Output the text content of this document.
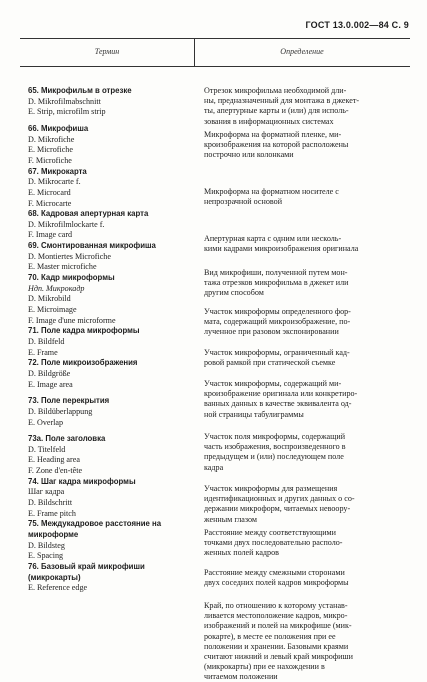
ГОСТ 13.0.002—84 С. 9
Термин	Определение
65. Микрофильм в отрезке
D. Mikrofilmabschnitt
E. Strip, microfilm strip
66. Микрофиша
D. Mikrofiche
E. Microfiche
F. Microfiche
67. Микрокарта
D. Mikrocarte f.
E. Microcard
F. Microcarte
68. Кадровая апертурная карта
D. Mikrofilmlockarte f.
F. Image card
69. Смонтированная микрофиша
D. Montiertes Microfiche
E. Master microfiche
70. Кадр микроформы
Ндп. Микрокадр
D. Mikrobild
E. Microimage
F. Image d'une microforme
71. Поле кадра микроформы
D. Bildfeld
E. Frame
72. Поле микроизображения
D. Bildgröße
E. Image area
73. Поле перекрытия
D. Bildüberlappung
E. Overlap
73a. Поле заголовка
D. Titelfeld
E. Heading area
F. Zone d'en-tête
74. Шаг кадра микроформы
Шаг кадра
D. Bildschritt
E. Frame pitch
75. Междукадровое расстояние на
микроформе
D. Bildsteg
E. Spacing
76. Базовый край микрофиши
(микрокарты)
E. Reference edge
Отрезок микрофильма необходимой дли-
ны, предназначенный для монтажа в джекет-
ты, апертурные карты и (или) для исполь-
зования в информационных системах
Микроформа на форматной пленке, ми-
кроизображения на которой расположены
построчно или колонками
Микроформа на форматном носителе с
непрозрачной основой
Апертурная карта с одним или несколь-
кими кадрами микроизображения оригинала
Вид микрофиши, полученной путем мон-
тажа отрезков микрофильма в джекет или
другим способом
Участок микроформы определенного фор-
мата, содержащий микроизображение, по-
лученное при разовом экспонировании
Участок микроформы, ограниченный кад-
ровой рамкой при статической съемке
Участок микроформы, содержащий ми-
кроизображение оригинала или конкретиро-
ванных данных в качестве эквивалента од-
ной страницы табулиграммы
Участок поля микроформы, содержащий
часть изображения, воспроизведенного в
предыдущем и (или) последующем поле
кадра
Участок микроформы для размещения
идентификационных и других данных о со-
держании микроформ, читаемых невоору-
женным глазом
Расстояние между соответствующими
точками двух последовательно располо-
женных полей кадров
Расстояние между смежными сторонами
двух соседних полей кадров микроформы
Край, по отношению к которому устанав-
ливается местоположение кадров, микро-
изображений и полей на микрофише (мик-
рокарте), в месте ее положения при ее
положении и хранении. Базовыми краями
считают нижний и левый край микрофиши
(микрокарты) при ее нахождении в
читаемом положении
